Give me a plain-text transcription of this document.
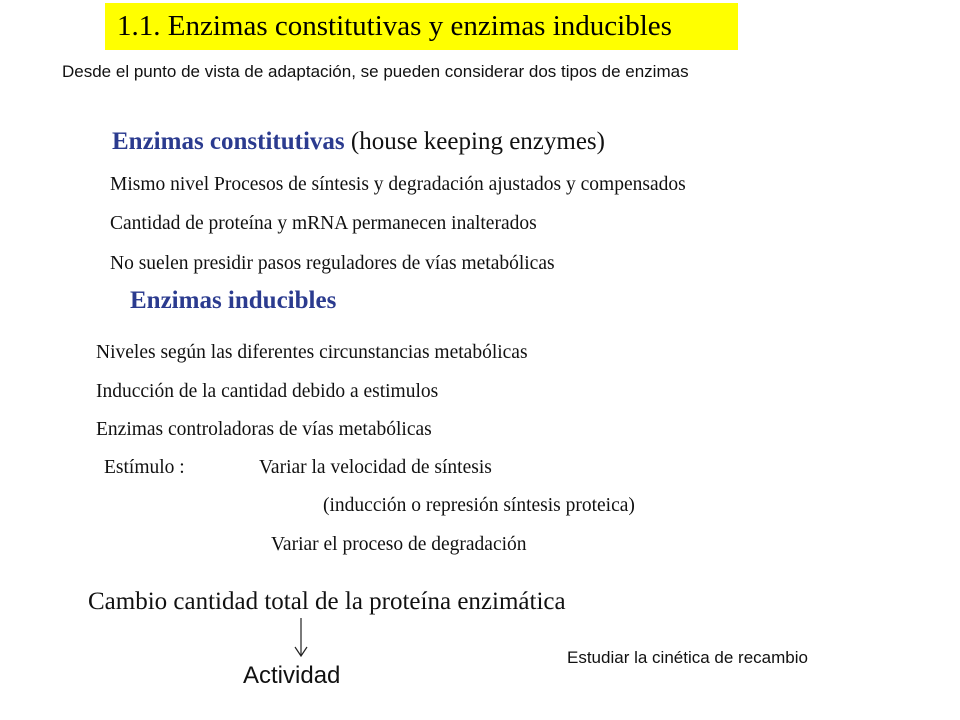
1.1. Enzimas constitutivas y enzimas inducibles
Desde el punto de vista de adaptación, se pueden considerar dos tipos de enzimas
Enzimas constitutivas (house keeping enzymes)
Mismo nivel Procesos de síntesis y degradación ajustados y compensados
Cantidad de proteína y mRNA permanecen inalterados
No suelen presidir pasos reguladores de vías metabólicas
Enzimas inducibles
Niveles según las diferentes circunstancias metabólicas
Inducción de la cantidad debido a estimulos
Enzimas controladoras de vías metabólicas
Estímulo :	Variar la velocidad de síntesis
(inducción o represión síntesis proteica)
Variar el proceso de degradación
Cambio cantidad total de la proteína enzimática
Actividad
Estudiar la cinética de recambio
